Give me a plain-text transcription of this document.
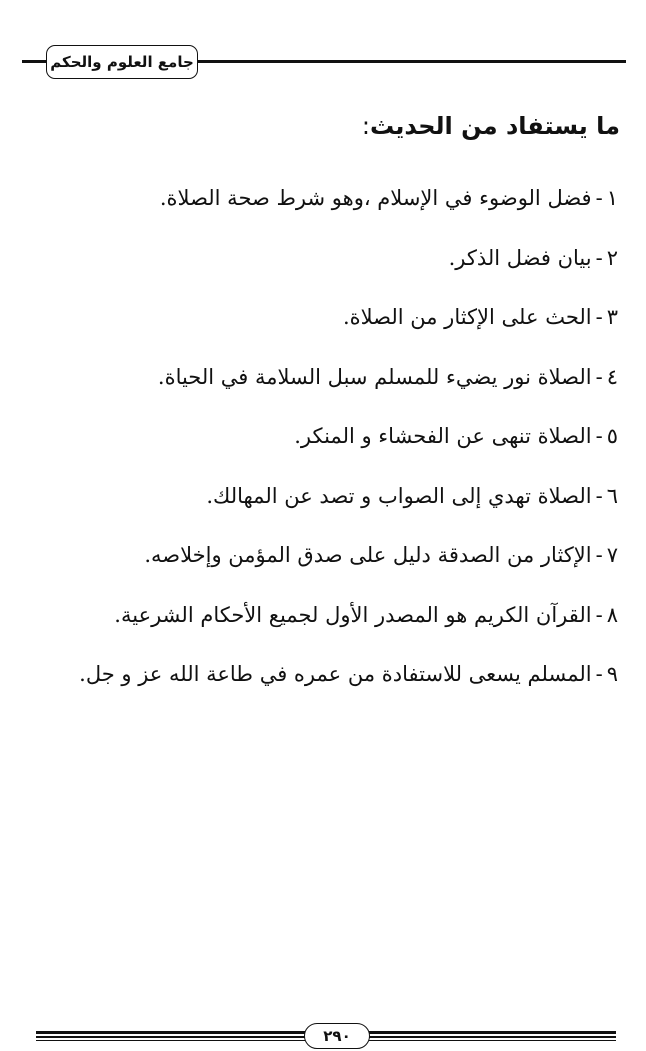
جامع العلوم والحكم
ما يستفاد من الحديث:
١-فضل الوضوء في الإسلام ،وهو شرط صحة الصلاة.
٢-بيان فضل الذكر.
٣-الحث على الإكثار من الصلاة.
٤-الصلاة نور يضيء للمسلم سبل السلامة في الحياة.
٥-الصلاة تنهى عن الفحشاء و المنكر.
٦-الصلاة تهدي إلى الصواب و تصد عن المهالك.
٧-الإكثار من الصدقة دليل على صدق المؤمن وإخلاصه.
٨-القرآن الكريم هو المصدر الأول لجميع الأحكام الشرعية.
٩-المسلم يسعى للاستفادة من عمره في طاعة الله عز و جل.
٢٩٠
